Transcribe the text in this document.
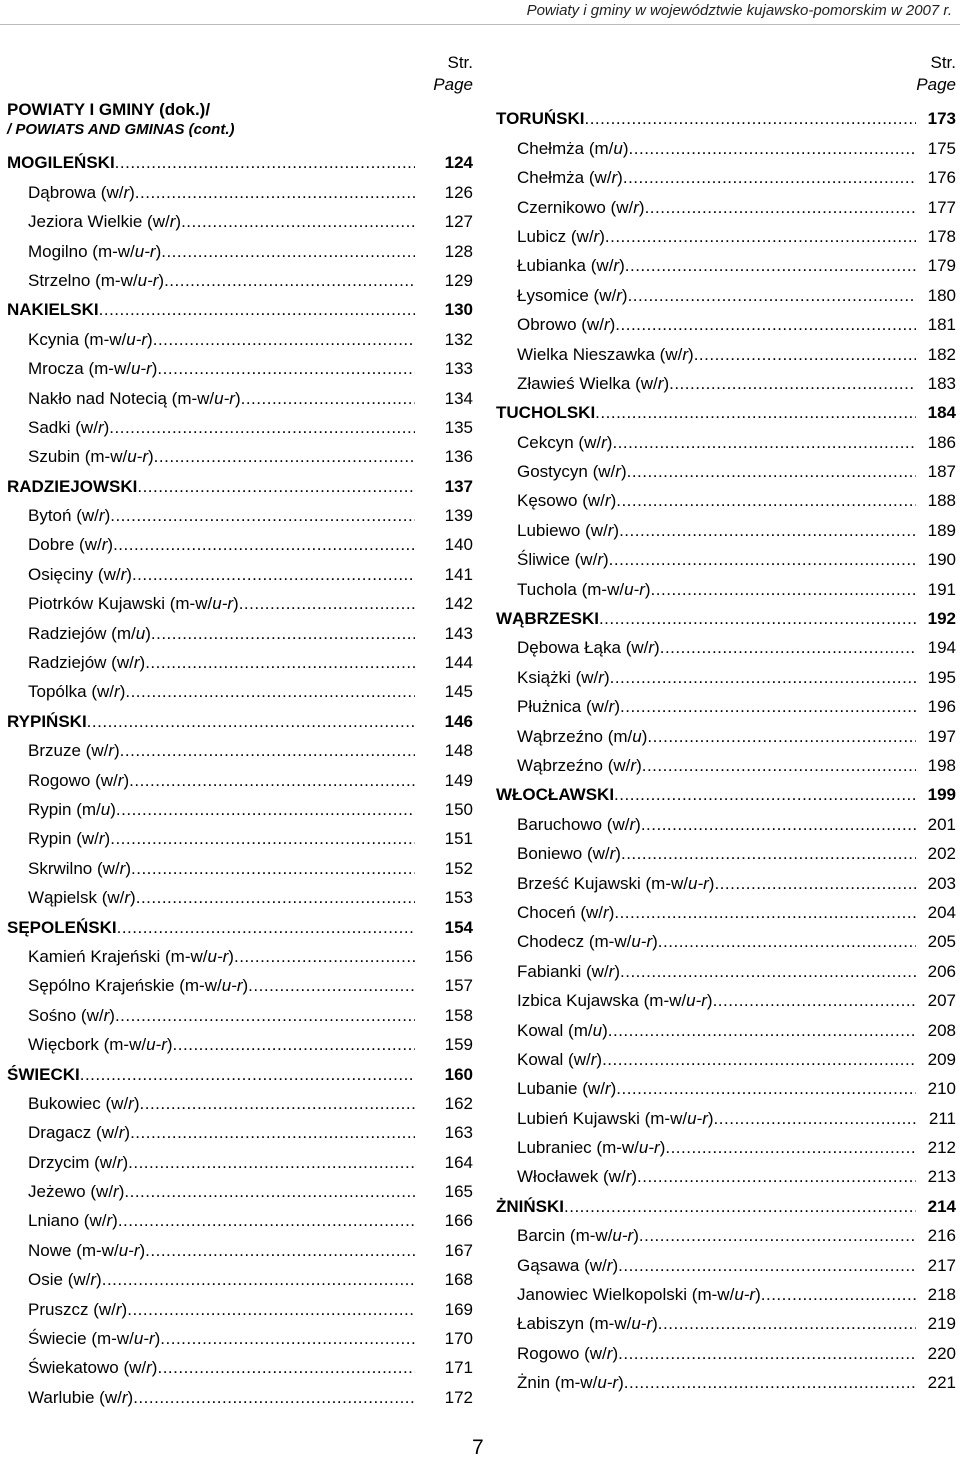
Powiaty i gminy w województwie kujawsko-pomorskim w 2007 r.
Str.
Page
POWIATY I GMINY (dok.)/
/ POWIATS AND GMINAS (cont.)
MOGILEŃSKI .....	124
Dąbrowa (w/r) .....	126
Jeziora Wielkie (w/r) .....	127
Mogilno (m-w/u-r) .....	128
Strzelno (m-w/u-r) .....	129
NAKIELSKI .....	130
Kcynia (m-w/u-r) .....	132
Mrocza (m-w/u-r) .....	133
Nakło nad Notecią (m-w/u-r) .....	134
Sadki (w/r) .....	135
Szubin (m-w/u-r) .....	136
RADZIEJOWSKI .....	137
Bytoń (w/r) .....	139
Dobre (w/r) .....	140
Osięciny (w/r) .....	141
Piotrków Kujawski (m-w/u-r) .....	142
Radziejów (m/u) .....	143
Radziejów (w/r) .....	144
Topólka (w/r) .....	145
RYPIŃSKI .....	146
Brzuze (w/r) .....	148
Rogowo (w/r) .....	149
Rypin (m/u) .....	150
Rypin (w/r) .....	151
Skrwilno (w/r) .....	152
Wąpielsk (w/r) .....	153
SĘPOLEŃSKI .....	154
Kamień Krajeński (m-w/u-r) .....	156
Sępólno Krajeńskie (m-w/u-r) .....	157
Sośno (w/r) .....	158
Więcbork (m-w/u-r) .....	159
ŚWIECKI .....	160
Bukowiec (w/r) .....	162
Dragacz (w/r) .....	163
Drzycim (w/r) .....	164
Jeżewo (w/r) .....	165
Lniano (w/r) .....	166
Nowe (m-w/u-r) .....	167
Osie (w/r) .....	168
Pruszcz (w/r) .....	169
Świecie (m-w/u-r) .....	170
Świekatowo (w/r) .....	171
Warlubie (w/r) .....	172
Str.
Page
TORUŃSKI .....	173
Chełmża (m/u) .....	175
Chełmża (w/r) .....	176
Czernikowo (w/r) .....	177
Lubicz (w/r) .....	178
Łubianka (w/r) .....	179
Łysomice (w/r) .....	180
Obrowo (w/r) .....	181
Wielka Nieszawka (w/r) .....	182
Zławieś Wielka (w/r) .....	183
TUCHOLSKI .....	184
Cekcyn (w/r) .....	186
Gostycyn (w/r) .....	187
Kęsowo (w/r) .....	188
Lubiewo (w/r) .....	189
Śliwice (w/r) .....	190
Tuchola (m-w/u-r) .....	191
WĄBRZESKI .....	192
Dębowa Łąka (w/r) .....	194
Książki (w/r) .....	195
Płużnica (w/r) .....	196
Wąbrzeźno (m/u) .....	197
Wąbrzeźno (w/r) .....	198
WŁOCŁAWSKI .....	199
Baruchowo (w/r) .....	201
Boniewo (w/r) .....	202
Brześć Kujawski (m-w/u-r) .....	203
Choceń (w/r) .....	204
Chodecz (m-w/u-r) .....	205
Fabianki (w/r) .....	206
Izbica Kujawska (m-w/u-r) .....	207
Kowal (m/u) .....	208
Kowal (w/r) .....	209
Lubanie (w/r) .....	210
Lubień Kujawski (m-w/u-r) .....	211
Lubraniec (m-w/u-r) .....	212
Włocławek (w/r) .....	213
ŻNIŃSKI .....	214
Barcin (m-w/u-r) .....	216
Gąsawa (w/r) .....	217
Janowiec Wielkopolski (m-w/u-r) .....	218
Łabiszyn (m-w/u-r) .....	219
Rogowo (w/r) .....	220
Żnin (m-w/u-r) .....	221
7
